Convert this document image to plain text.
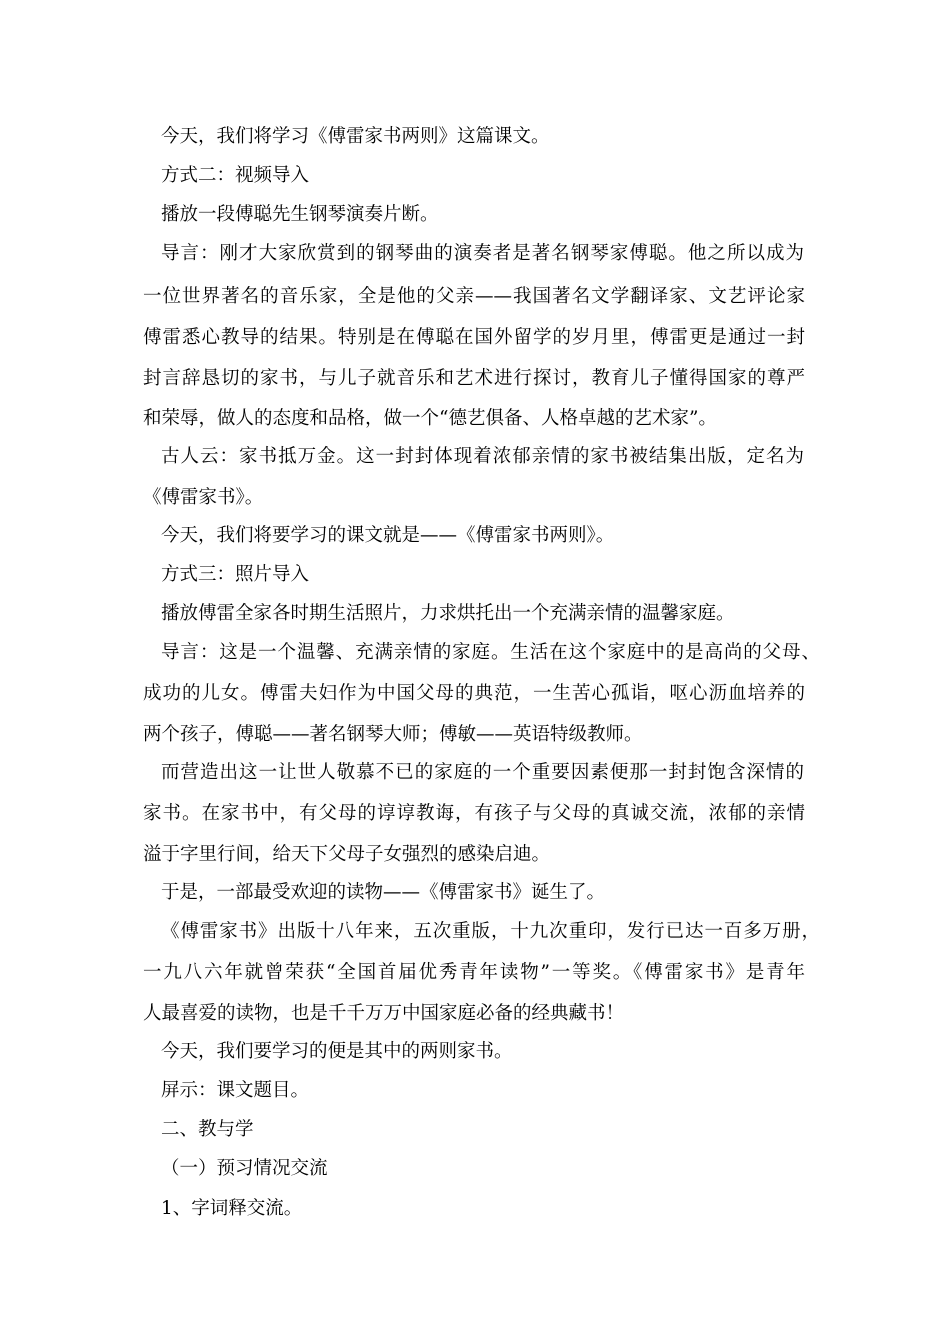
今天，我们将学习《傅雷家书两则》这篇课文。
方式二：视频导入
播放一段傅聪先生钢琴演奏片断。
导言：刚才大家欣赏到的钢琴曲的演奏者是著名钢琴家傅聪。他之所以成为
一位世界著名的音乐家，全是他的父亲——我国著名文学翻译家、文艺评论家
傅雷悉心教导的结果。特别是在傅聪在国外留学的岁月里，傅雷更是通过一封
封言辞恳切的家书，与儿子就音乐和艺术进行探讨，教育儿子懂得国家的尊严
和荣辱，做人的态度和品格，做一个“德艺俱备、人格卓越的艺术家”。
古人云：家书抵万金。这一封封体现着浓郁亲情的家书被结集出版，定名为
《傅雷家书》。
今天，我们将要学习的课文就是——《傅雷家书两则》。
方式三：照片导入
播放傅雷全家各时期生活照片，力求烘托出一个充满亲情的温馨家庭。
导言：这是一个温馨、充满亲情的家庭。生活在这个家庭中的是高尚的父母、
成功的儿女。傅雷夫妇作为中国父母的典范，一生苦心孤诣，呕心沥血培养的
两个孩子，傅聪——著名钢琴大师；傅敏——英语特级教师。
而营造出这一让世人敬慕不已的家庭的一个重要因素便那一封封饱含深情的
家书。在家书中，有父母的谆谆教诲，有孩子与父母的真诚交流，浓郁的亲情
溢于字里行间，给天下父母子女强烈的感染启迪。
于是，一部最受欢迎的读物——《傅雷家书》诞生了。
《傅雷家书》出版十八年来，五次重版，十九次重印，发行已达一百多万册，
一九八六年就曾荣获“全国首届优秀青年读物”一等奖。《傅雷家书》是青年
人最喜爱的读物，也是千千万万中国家庭必备的经典藏书！
今天，我们要学习的便是其中的两则家书。
屏示：课文题目。
二、教与学
（一）预习情况交流
1、字词释交流。
